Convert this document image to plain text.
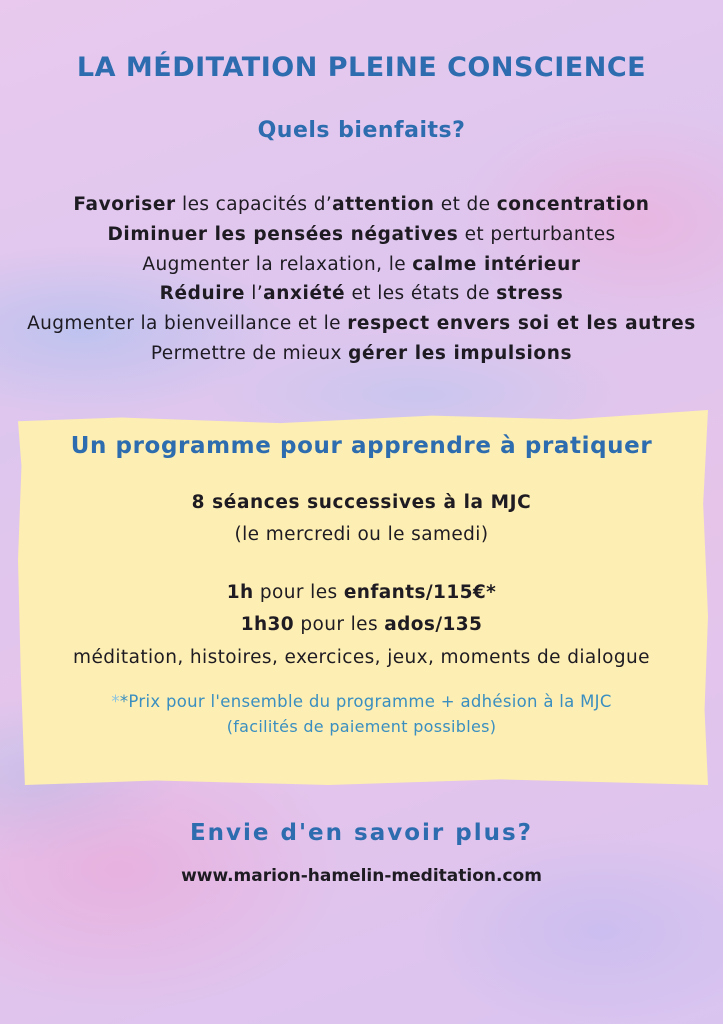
LA MÉDITATION PLEINE CONSCIENCE
Quels bienfaits?
Favoriser les capacités d’attention et de concentration
Diminuer les pensées négatives et perturbantes
Augmenter la relaxation, le calme intérieur
Réduire l’anxiété et les états de stress
Augmenter la bienveillance et le respect envers soi et les autres
Permettre de mieux gérer les impulsions
Un programme pour apprendre à pratiquer
8 séances successives à la MJC
(le mercredi ou le samedi)
1h pour les enfants/115€*
1h30 pour les ados/135
méditation, histoires, exercices, jeux, moments de dialogue
**Prix pour l'ensemble du programme + adhésion à la MJC
(facilités de paiement possibles)
Envie d'en savoir plus?
www.marion-hamelin-meditation.com
